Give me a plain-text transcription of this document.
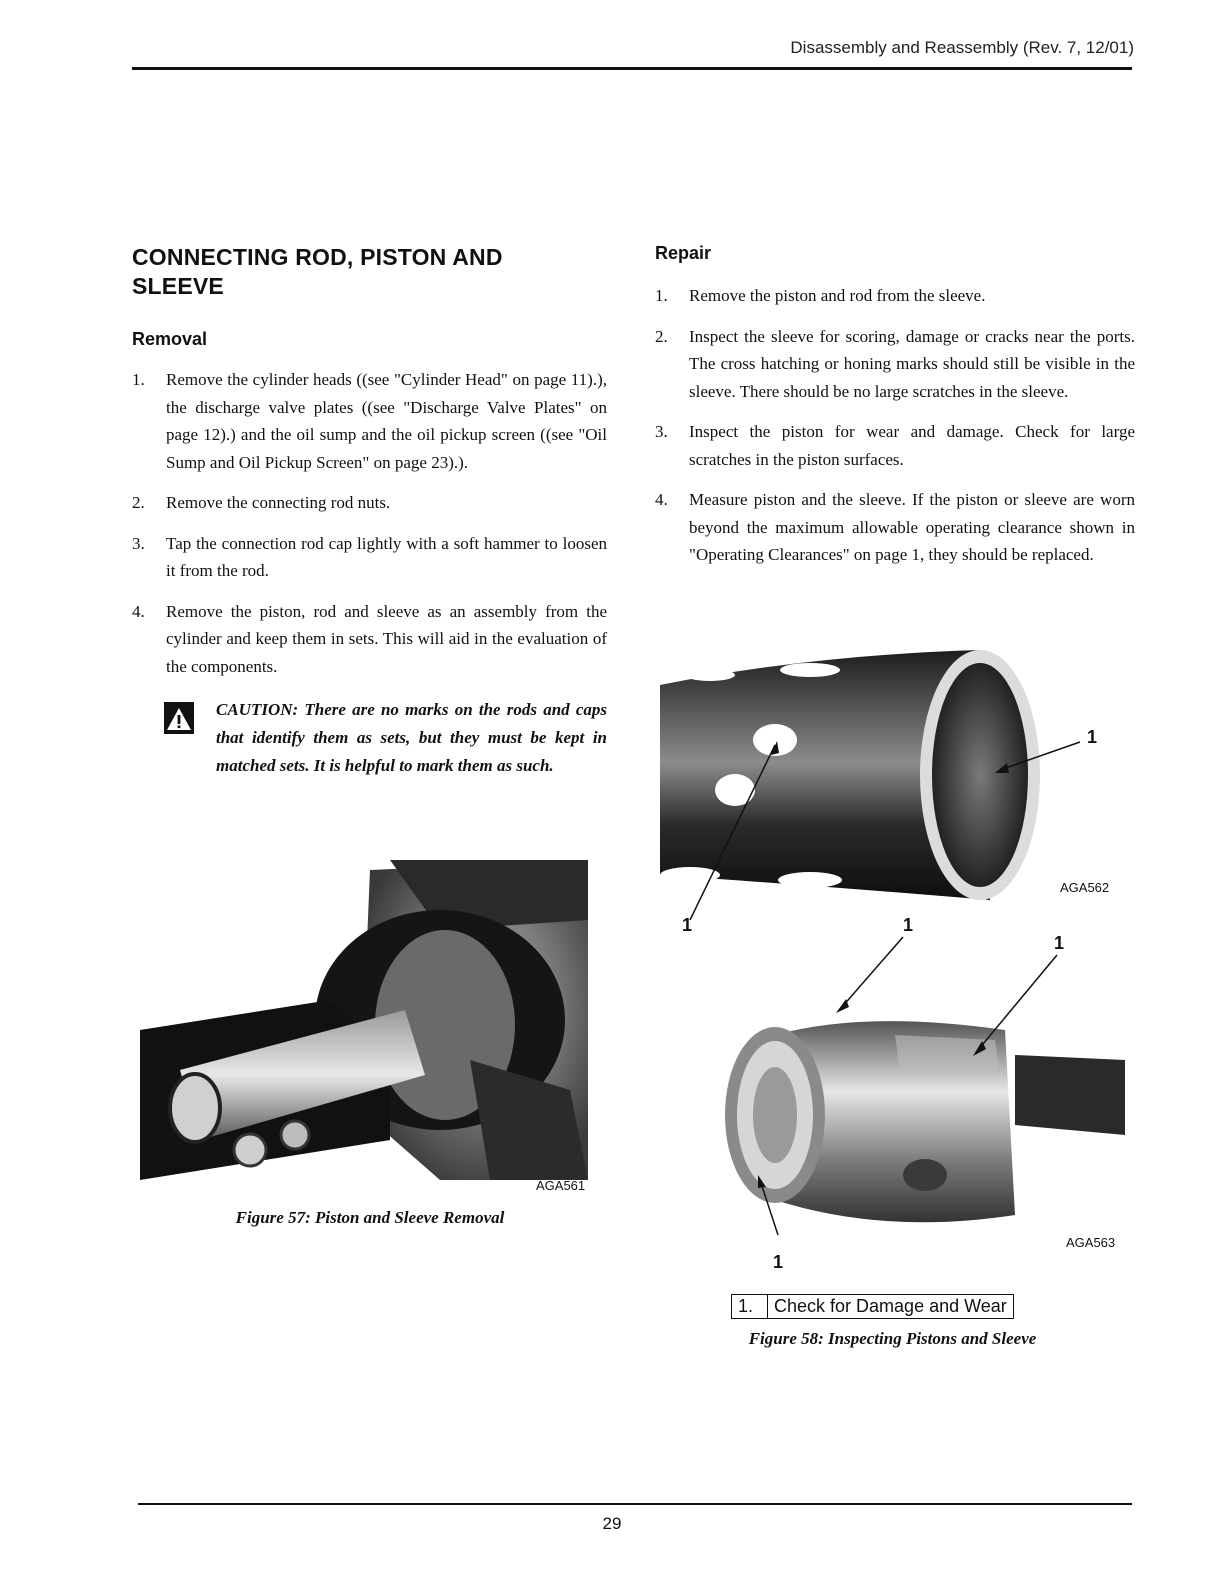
Disassembly and Reassembly (Rev. 7, 12/01)
CONNECTING ROD, PISTON AND
SLEEVE
Removal
1. Remove the cylinder heads ((see "Cylinder Head" on page 11).), the discharge valve plates ((see "Discharge Valve Plates" on page 12).) and the oil sump and the oil pickup screen ((see "Oil Sump and Oil Pickup Screen" on page 23).).
2. Remove the connecting rod nuts.
3. Tap the connection rod cap lightly with a soft hammer to loosen it from the rod.
4. Remove the piston, rod and sleeve as an assembly from the cylinder and keep them in sets. This will aid in the evaluation of the components.
CAUTION: There are no marks on the rods and caps that identify them as sets, but they must be kept in matched sets. It is helpful to mark them as such.
AGA561
Figure 57: Piston and Sleeve Removal
Repair
1. Remove the piston and rod from the sleeve.
2. Inspect the sleeve for scoring, damage or cracks near the ports. The cross hatching or honing marks should still be visible in the sleeve. There should be no large scratches in the sleeve.
3. Inspect the piston for wear and damage. Check for large scratches in the piston surfaces.
4. Measure piston and the sleeve. If the piston or sleeve are worn beyond the maximum allowable operating clearance shown in "Operating Clearances" on page 1, they should be replaced.
1
1
AGA562
1
1
1
AGA563
1.	Check for Damage and Wear
Figure 58: Inspecting Pistons and Sleeve
29
